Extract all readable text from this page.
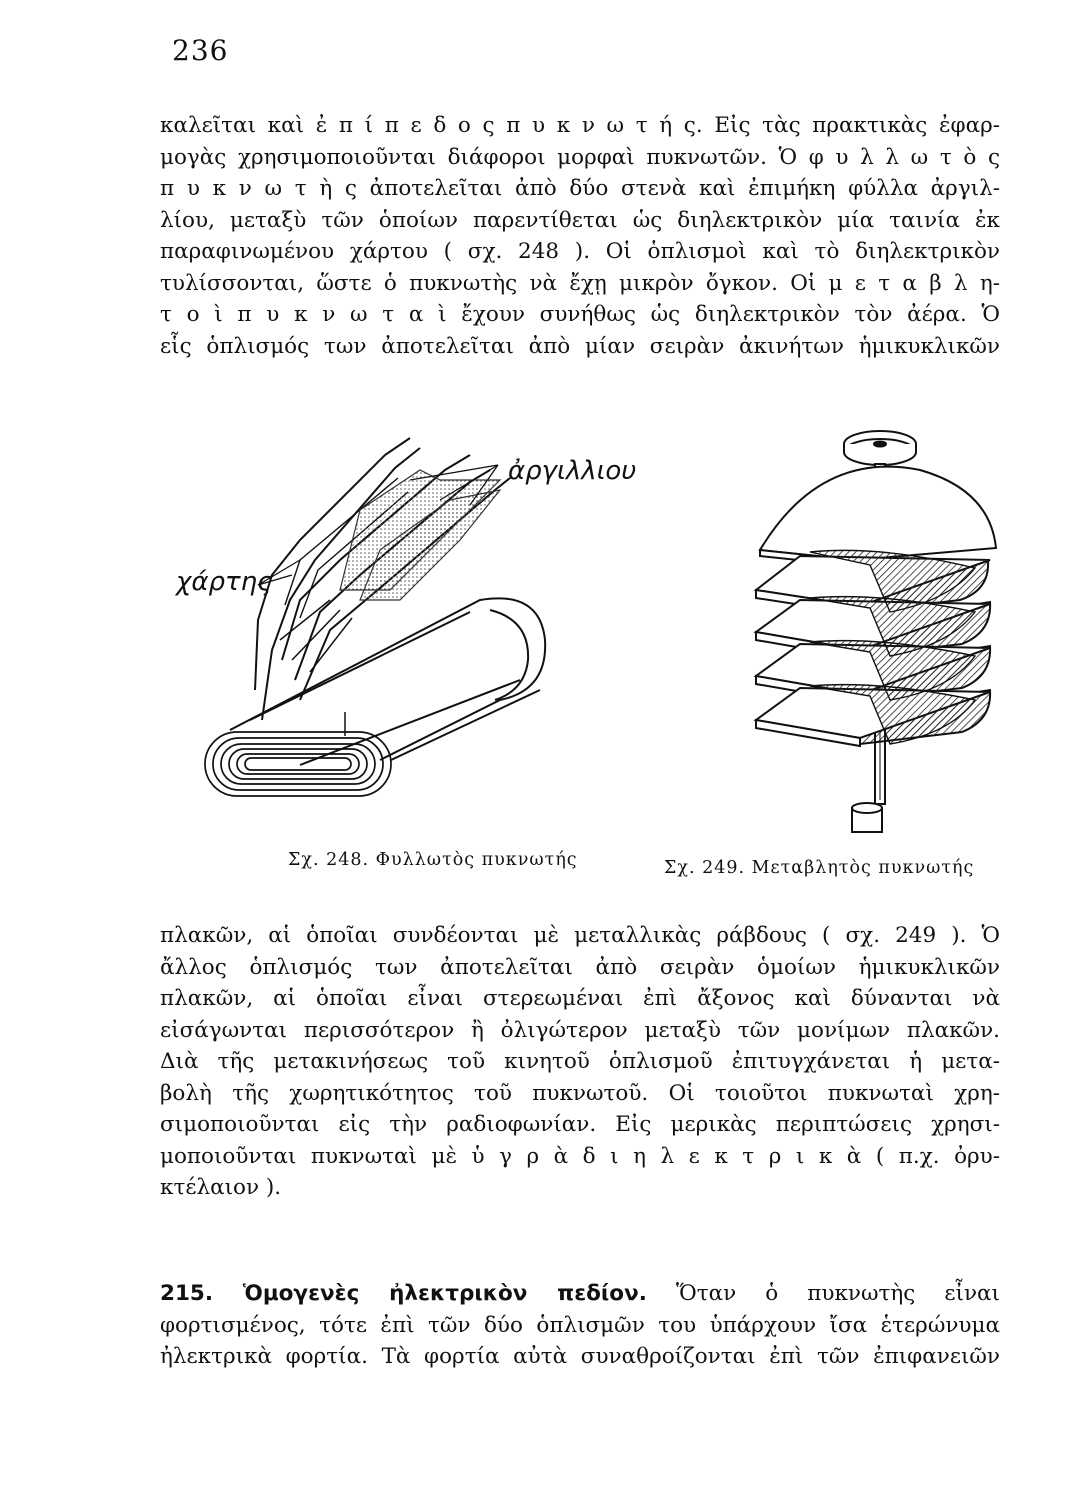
236
καλεῖται καὶ ἐ π ί π ε δ ο ς π υ κ ν ω τ ή ς. Εἰς τὰς πρακτικὰς ἐφαρ-
μογὰς χρησιμοποιοῦνται διάφοροι μορφαὶ πυκνωτῶν. Ὁ φ υ λ λ ω τ ὸ ς
π υ κ ν ω τ ὴ ς ἀποτελεῖται ἀπὸ δύο στενὰ καὶ ἐπιμήκη φύλλα ἀργιλ-
λίου, μεταξὺ τῶν ὁποίων παρεντίθεται ὡς διηλεκτρικὸν μία ταινία ἐκ
παραφινωμένου χάρτου ( σχ. 248 ). Οἱ ὁπλισμοὶ καὶ τὸ διηλεκτρικὸν
τυλίσσονται, ὥστε ὁ πυκνωτὴς νὰ ἔχῃ μικρὸν ὄγκον. Οἱ μ ε τ α β λ η-
τ ο ὶ π υ κ ν ω τ α ὶ ἔχουν συνήθως ὡς διηλεκτρικὸν τὸν ἀέρα. Ὁ
εἷς ὁπλισμός των ἀποτελεῖται ἀπὸ μίαν σειρὰν ἀκινήτων ἡμικυκλικῶν
ἀργιλλιου
χάρτης
Σχ. 248. Φυλλωτὸς πυκνωτής	Σχ. 249. Μεταβλητὸς πυκνωτής
πλακῶν, αἱ ὁποῖαι συνδέονται μὲ μεταλλικὰς ράβδους ( σχ. 249 ). Ὁ
ἄλλος ὁπλισμός των ἀποτελεῖται ἀπὸ σειρὰν ὁμοίων ἡμικυκλικῶν
πλακῶν, αἱ ὁποῖαι εἶναι στερεωμέναι ἐπὶ ἄξονος καὶ δύνανται νὰ
εἰσάγωνται περισσότερον ἢ ὀλιγώτερον μεταξὺ τῶν μονίμων πλακῶν.
Διὰ τῆς μετακινήσεως τοῦ κινητοῦ ὁπλισμοῦ ἐπιτυγχάνεται ἡ μετα-
βολὴ τῆς χωρητικότητος τοῦ πυκνωτοῦ. Οἱ τοιοῦτοι πυκνωταὶ χρη-
σιμοποιοῦνται εἰς τὴν ραδιοφωνίαν. Εἰς μερικὰς περιπτώσεις χρησι-
μοποιοῦνται πυκνωταὶ μὲ ὑ γ ρ ὰ δ ι η λ ε κ τ ρ ι κ ὰ ( π.χ. ὀρυ-
κτέλαιον ).
215. Ὁμογενὲς ἠλεκτρικὸν πεδίον. Ὅταν ὁ πυκνωτὴς εἶναι
φορτισμένος, τότε ἐπὶ τῶν δύο ὁπλισμῶν του ὑπάρχουν ἴσα ἑτερώνυμα
ἠλεκτρικὰ φορτία. Τὰ φορτία αὐτὰ συναθροίζονται ἐπὶ τῶν ἐπιφανειῶν
